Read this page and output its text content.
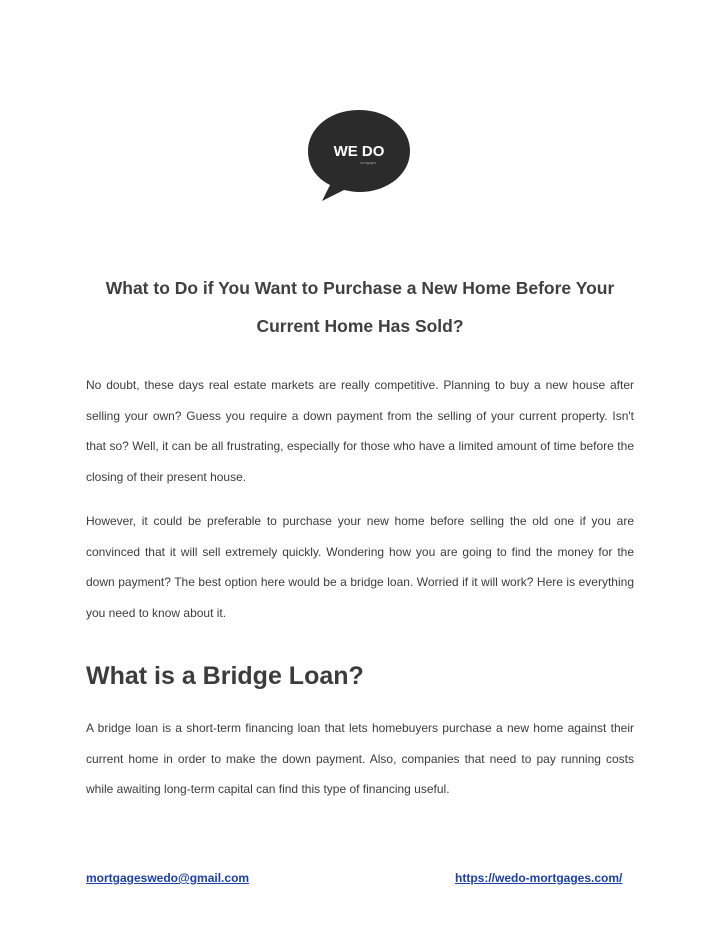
WE DO
mortgages
What to Do if You Want to Purchase a New Home Before Your
Current Home Has Sold?
No doubt, these days real estate markets are really competitive. Planning to buy a new house after selling your own? Guess you require a down payment from the selling of your current property. Isn't that so? Well, it can be all frustrating, especially for those who have a limited amount of time before the closing of their present house.
However, it could be preferable to purchase your new home before selling the old one if you are convinced that it will sell extremely quickly. Wondering how you are going to find the money for the down payment? The best option here would be a bridge loan. Worried if it will work? Here is everything you need to know about it.
What is a Bridge Loan?
A bridge loan is a short-term financing loan that lets homebuyers purchase a new home against their current home in order to make the down payment. Also, companies that need to pay running costs while awaiting long-term capital can find this type of financing useful.
mortgageswedo@gmail.com	https://wedo-mortgages.com/
